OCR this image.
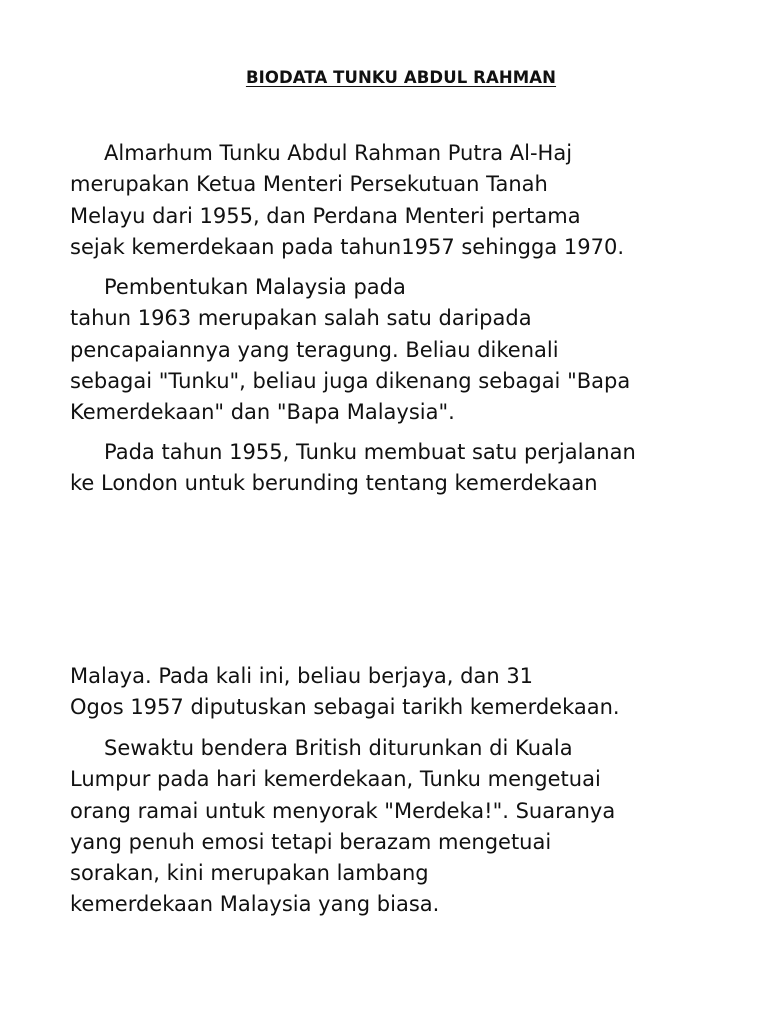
BIODATA TUNKU ABDUL RAHMAN

Almarhum Tunku Abdul Rahman Putra Al-Haj
merupakan Ketua Menteri Persekutuan Tanah
Melayu dari 1955, dan Perdana Menteri pertama
sejak kemerdekaan pada tahun1957 sehingga 1970.

Pembentukan Malaysia pada
tahun 1963 merupakan salah satu daripada
pencapaiannya yang teragung. Beliau dikenali
sebagai "Tunku", beliau juga dikenang sebagai "Bapa
Kemerdekaan" dan "Bapa Malaysia".

Pada tahun 1955, Tunku membuat satu perjalanan
ke London untuk berunding tentang kemerdekaan

Malaya. Pada kali ini, beliau berjaya, dan 31
Ogos 1957 diputuskan sebagai tarikh kemerdekaan.

Sewaktu bendera British diturunkan di Kuala
Lumpur pada hari kemerdekaan, Tunku mengetuai
orang ramai untuk menyorak "Merdeka!". Suaranya
yang penuh emosi tetapi berazam mengetuai
sorakan, kini merupakan lambang
kemerdekaan Malaysia yang biasa.
